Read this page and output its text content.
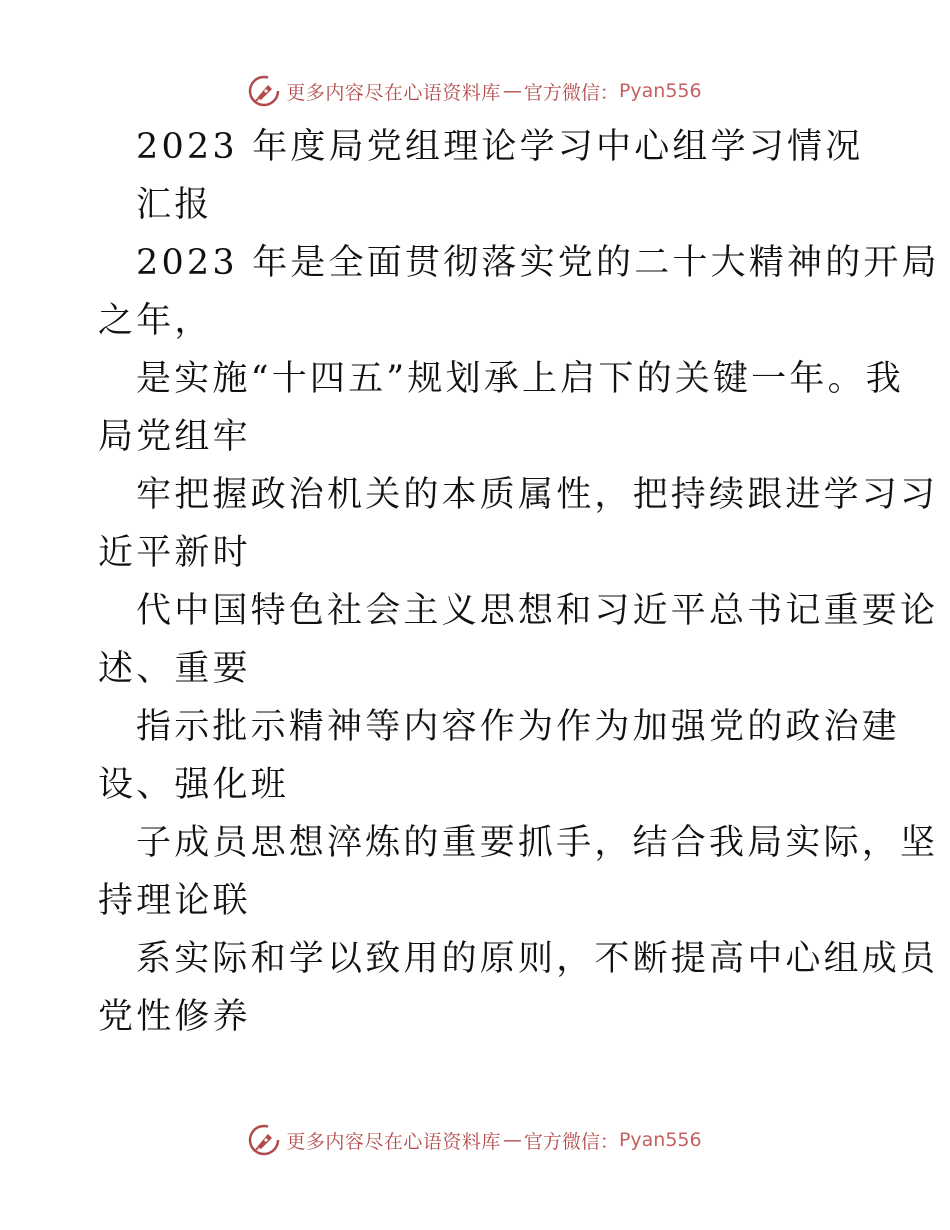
更多内容尽在心语资料库 — 官方微信： Pyan556
2023 年度局党组理论学习中心组学习情况
汇报
2023 年是全面贯彻落实党的二十大精神的开局
之年，
是实施“十四五”规划承上启下的关键一年。我
局党组牢
牢把握政治机关的本质属性，把持续跟进学习习
近平新时
代中国特色社会主义思想和习近平总书记重要论
述、重要
指示批示精神等内容作为作为加强党的政治建
设、强化班
子成员思想淬炼的重要抓手，结合我局实际，坚
持理论联
系实际和学以致用的原则，不断提高中心组成员
党性修养
更多内容尽在心语资料库 — 官方微信： Pyan556
